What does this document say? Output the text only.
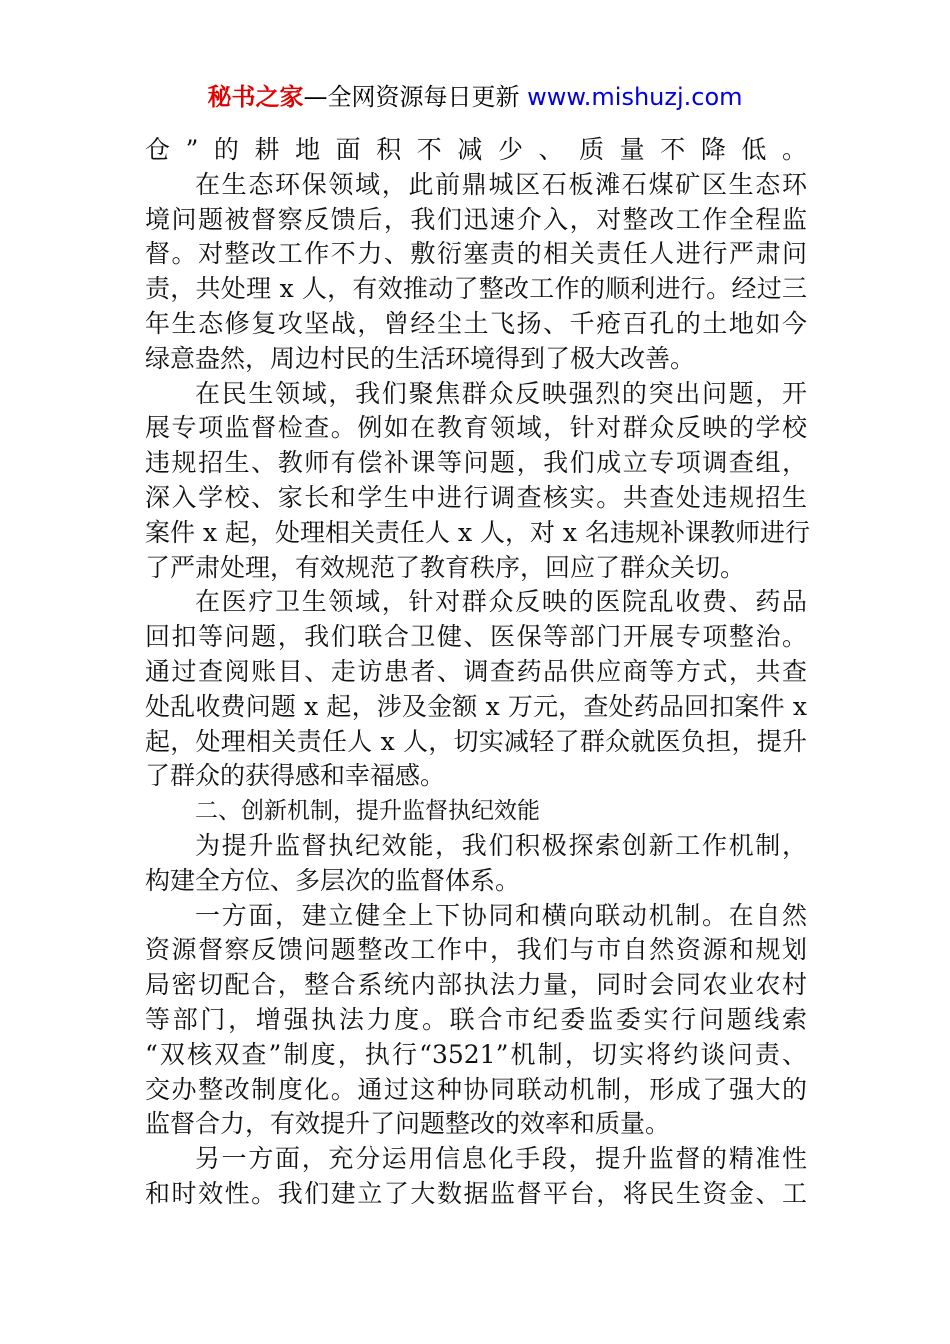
秘书之家—全网资源每日更新 www.mishuzj.com
仓”的耕地面积不减少、质量不降低。
在生态环保领域，此前鼎城区石板滩石煤矿区生态环
境问题被督察反馈后，我们迅速介入，对整改工作全程监
督。对整改工作不力、敷衍塞责的相关责任人进行严肃问
责，共处理 x 人，有效推动了整改工作的顺利进行。经过三
年生态修复攻坚战，曾经尘土飞扬、千疮百孔的土地如今
绿意盎然，周边村民的生活环境得到了极大改善。
在民生领域，我们聚焦群众反映强烈的突出问题，开
展专项监督检查。例如在教育领域，针对群众反映的学校
违规招生、教师有偿补课等问题，我们成立专项调查组，
深入学校、家长和学生中进行调查核实。共查处违规招生
案件 x 起，处理相关责任人 x 人，对 x 名违规补课教师进行
了严肃处理，有效规范了教育秩序，回应了群众关切。
在医疗卫生领域，针对群众反映的医院乱收费、药品
回扣等问题，我们联合卫健、医保等部门开展专项整治。
通过查阅账目、走访患者、调查药品供应商等方式，共查
处乱收费问题 x 起，涉及金额 x 万元，查处药品回扣案件 x
起，处理相关责任人 x 人，切实减轻了群众就医负担，提升
了群众的获得感和幸福感。
二、创新机制，提升监督执纪效能
为提升监督执纪效能，我们积极探索创新工作机制，
构建全方位、多层次的监督体系。
一方面，建立健全上下协同和横向联动机制。在自然
资源督察反馈问题整改工作中，我们与市自然资源和规划
局密切配合，整合系统内部执法力量，同时会同农业农村
等部门，增强执法力度。联合市纪委监委实行问题线索
“双核双查”制度，执行“3521”机制，切实将约谈问责、
交办整改制度化。通过这种协同联动机制，形成了强大的
监督合力，有效提升了问题整改的效率和质量。
另一方面，充分运用信息化手段，提升监督的精准性
和时效性。我们建立了大数据监督平台，将民生资金、工
